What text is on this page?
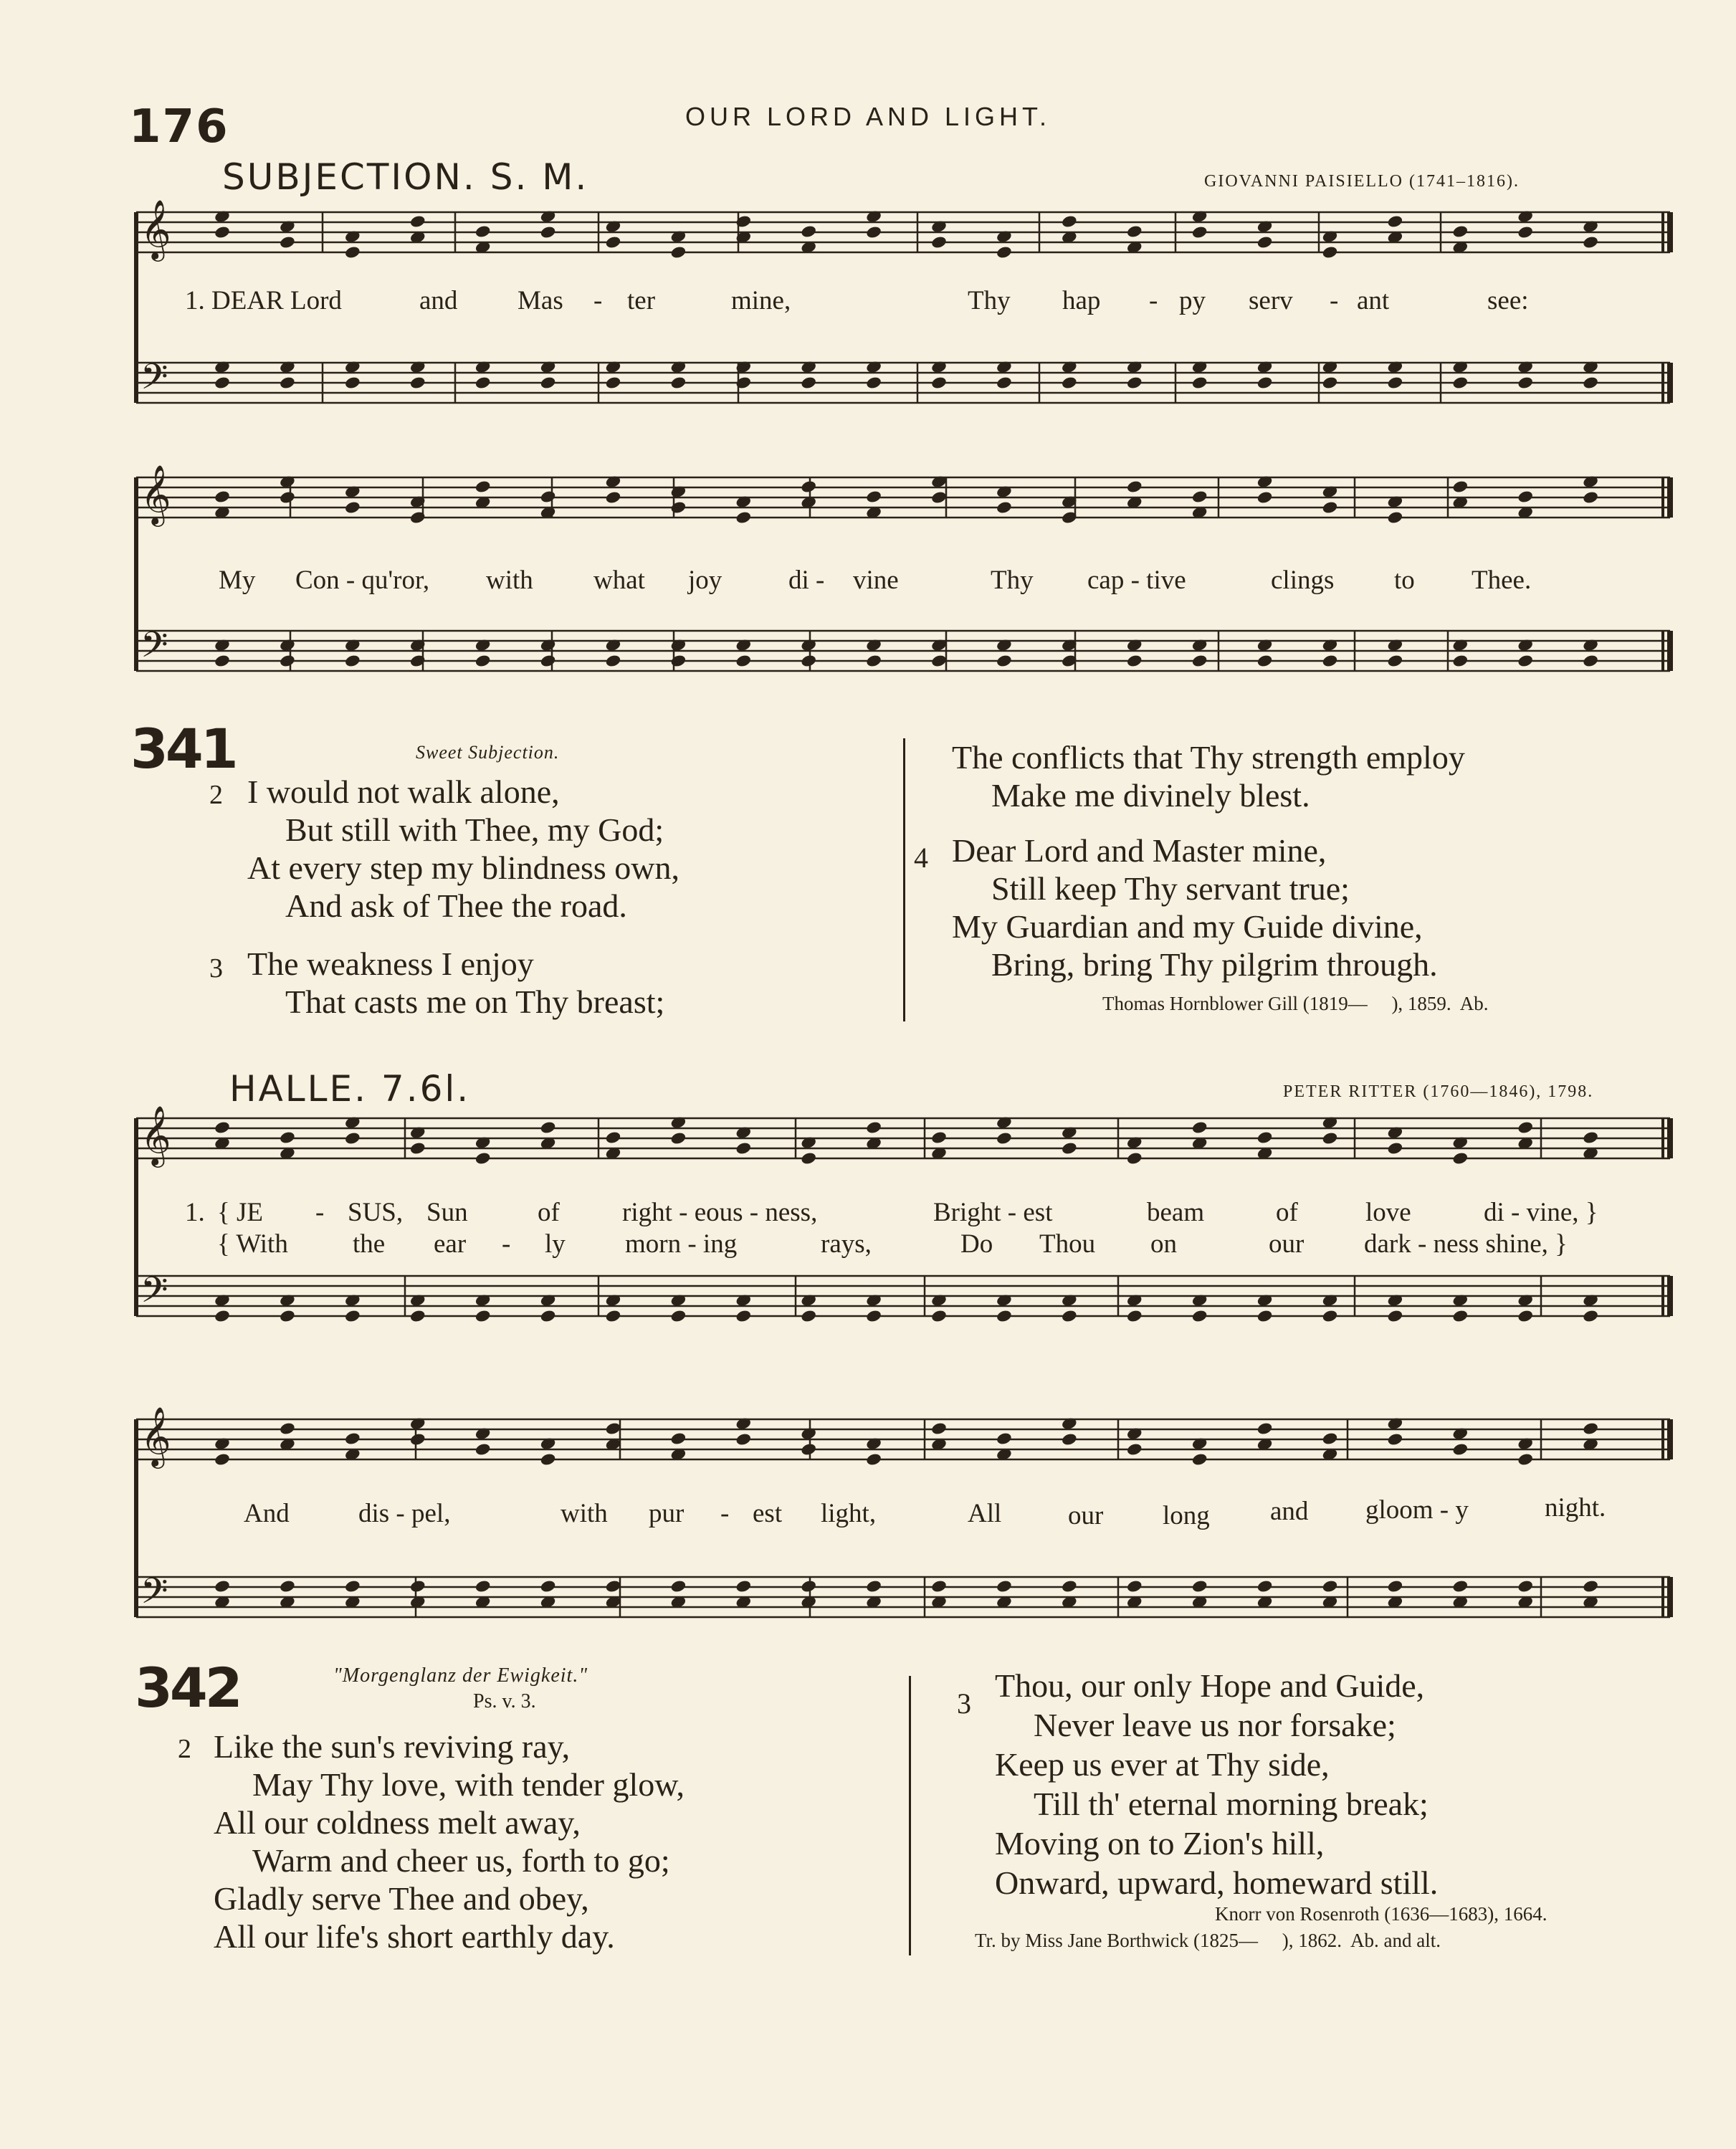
𝄞
𝄢
𝄞
𝄢
𝄞
𝄢
𝄞
𝄢
176	OUR LORD AND LIGHT.
SUBJECTION. S. M.	GIOVANNI PAISIELLO (1741–1816).
1. DEAR Lord	and Mas - ter	mine,	Thy hap - py serv - ant	see:
My Con - qu'ror, with what joy	di - vine	Thy cap - tive	clings to Thee.
341	Sweet Subjection.
2 I would not walk alone,
But still with Thee, my God;
At every step my blindness own,
And ask of Thee the road.
3 The weakness I enjoy
That casts me on Thy breast;
The conflicts that Thy strength employ
Make me divinely blest.
4 Dear Lord and Master mine,
Still keep Thy servant true;
My Guardian and my Guide divine,
Bring, bring Thy pilgrim through.
Thomas Hornblower Gill (1819—     ), 1859.  Ab.
HALLE. 7.6l.	PETER RITTER (1760—1846), 1798.
1. { JE - SUS, Sun	of right - eous - ness,	Bright - est	beam	of	love	di - vine, }
{ With the ear - ly morn - ing	rays,	Do Thou on	our dark - ness shine, }
And	dis - pel,	with pur - est light,	All	our long and gloom - y	night.
342	"Morgenglanz der Ewigkeit."
Ps. v. 3.
2 Like the sun's reviving ray,
May Thy love, with tender glow,
All our coldness melt away,
Warm and cheer us, forth to go;
Gladly serve Thee and obey,
All our life's short earthly day.
3 Thou, our only Hope and Guide,
Never leave us nor forsake;
Keep us ever at Thy side,
Till th' eternal morning break;
Moving on to Zion's hill,
Onward, upward, homeward still.
Knorr von Rosenroth (1636—1683), 1664.
Tr. by Miss Jane Borthwick (1825—     ), 1862.  Ab. and alt.
